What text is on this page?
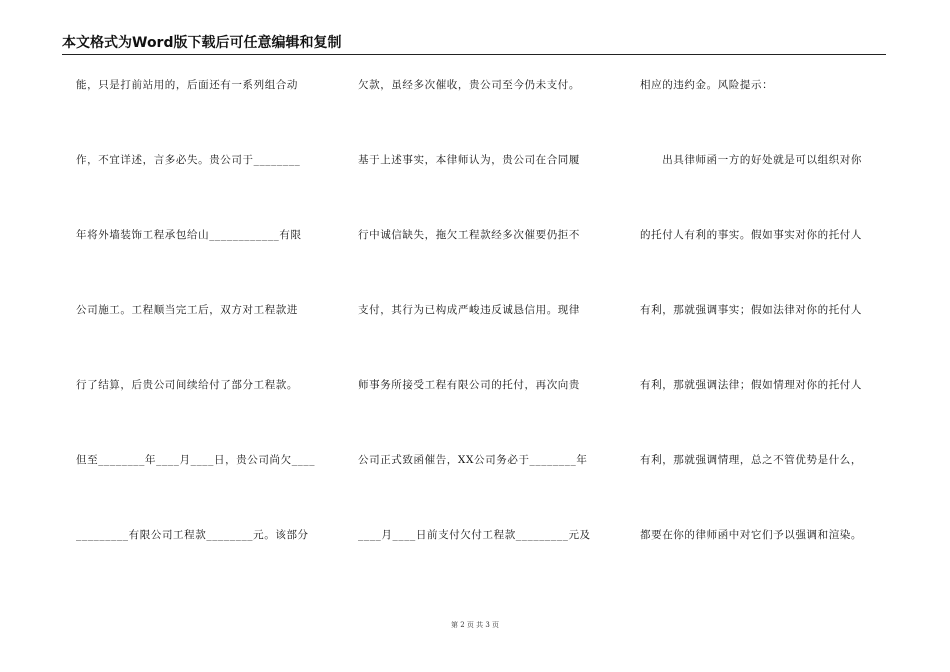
本文格式为Word版下载后可任意编辑和复制
能，只是打前站用的，后面还有一系列组合动
作，不宜详述，言多必失。贵公司于________
年将外墙装饰工程承包给山____________有限
公司施工。工程顺当完工后，双方对工程款进
行了结算，后贵公司间续给付了部分工程款。
但至________年____月____日，贵公司尚欠____
_________有限公司工程款________元。该部分
欠款，虽经多次催收，贵公司至今仍未支付。
基于上述事实，本律师认为，贵公司在合同履
行中诚信缺失，拖欠工程款经多次催要仍拒不
支付，其行为已构成严峻违反诚恳信用。现律
师事务所接受工程有限公司的托付，再次向贵
公司正式致函催告，XX公司务必于________年
____月____日前支付欠付工程款_________元及
相应的违约金。风险提示：
　　出具律师函一方的好处就是可以组织对你
的托付人有利的事实。假如事实对你的托付人
有利，那就强调事实；假如法律对你的托付人
有利，那就强调法律；假如情理对你的托付人
有利，那就强调情理，总之不管优势是什么，
都要在你的律师函中对它们予以强调和渲染。
第 2 页 共 3 页
